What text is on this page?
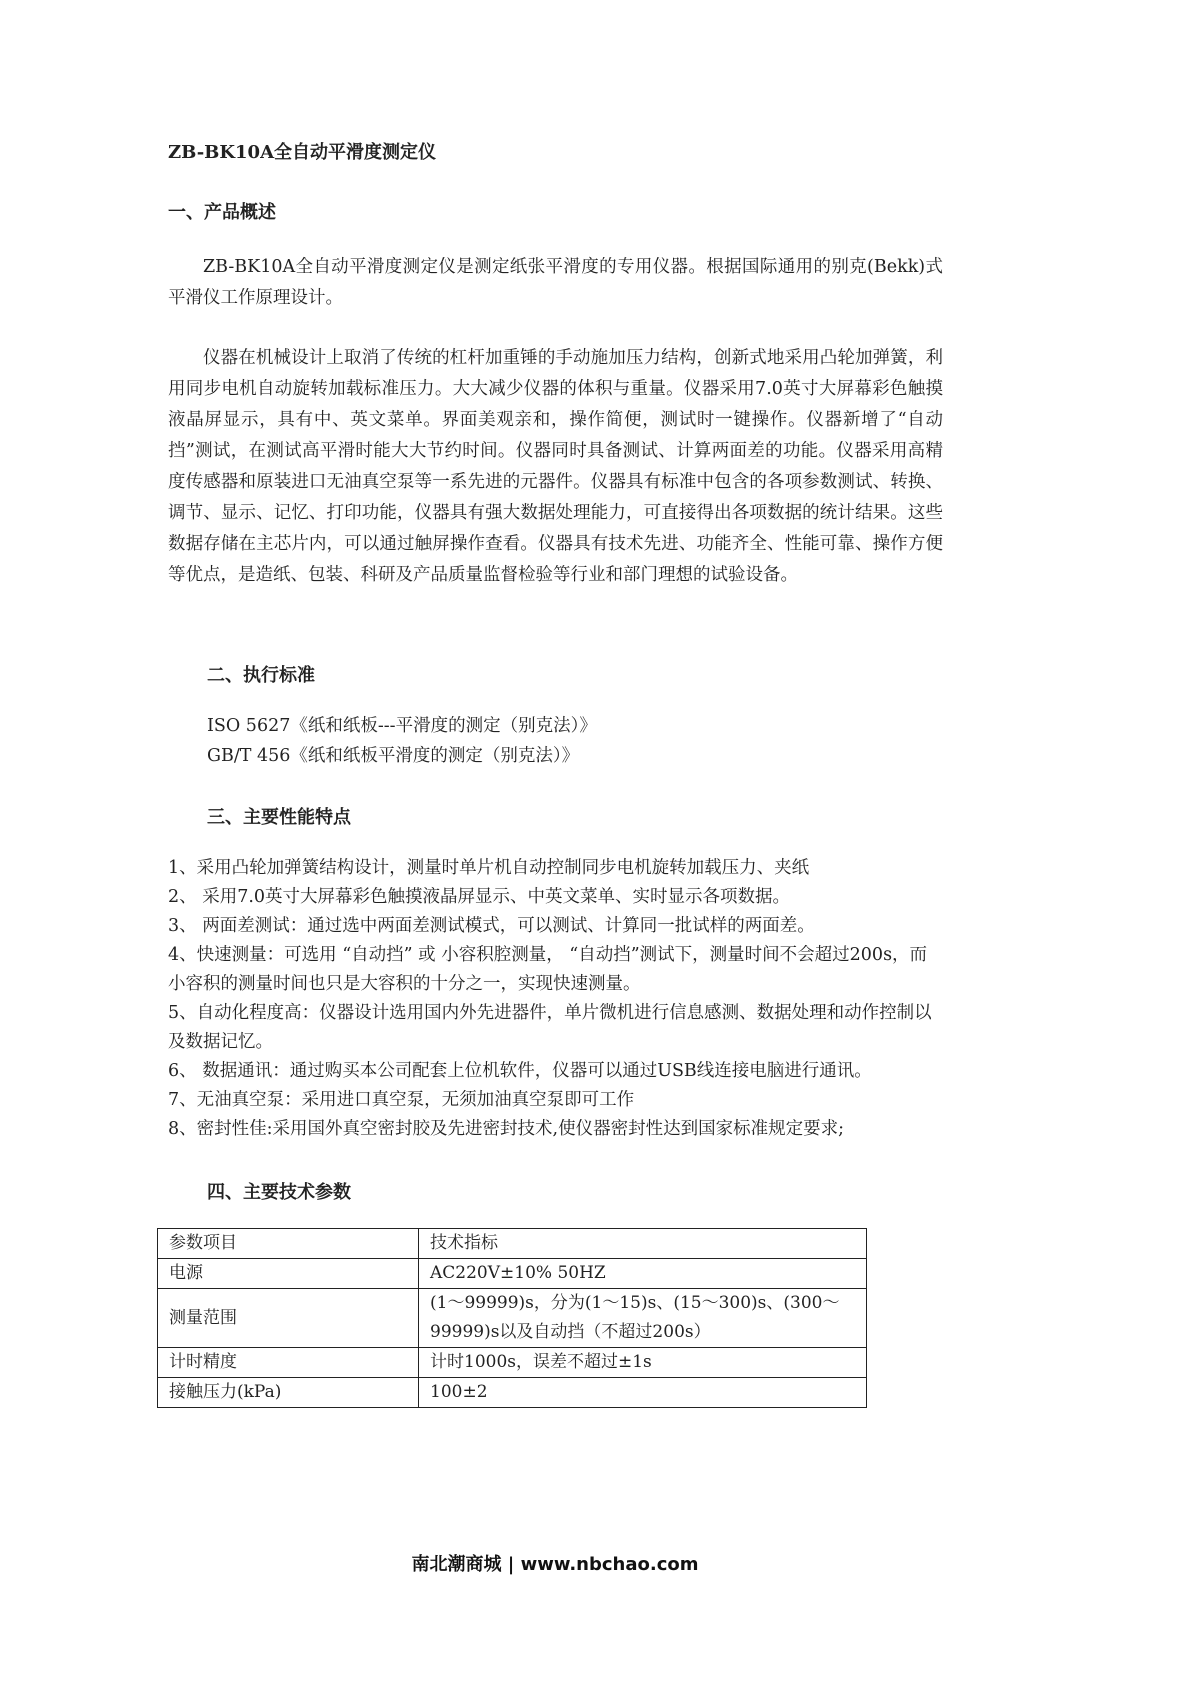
ZB-BK10A全自动平滑度测定仪
一、产品概述
ZB-BK10A全自动平滑度测定仪是测定纸张平滑度的专用仪器。根据国际通用的别克(Bekk)式平滑仪工作原理设计。
仪器在机械设计上取消了传统的杠杆加重锤的手动施加压力结构，创新式地采用凸轮加弹簧，利用同步电机自动旋转加载标准压力。大大减少仪器的体积与重量。仪器采用7.0英寸大屏幕彩色触摸液晶屏显示，具有中、英文菜单。界面美观亲和，操作简便，测试时一键操作。仪器新增了“自动挡”测试，在测试高平滑时能大大节约时间。仪器同时具备测试、计算两面差的功能。仪器采用高精度传感器和原装进口无油真空泵等一系先进的元器件。仪器具有标准中包含的各项参数测试、转换、调节、显示、记忆、打印功能，仪器具有强大数据处理能力，可直接得出各项数据的统计结果。这些数据存储在主芯片内，可以通过触屏操作查看。仪器具有技术先进、功能齐全、性能可靠、操作方便等优点，是造纸、包装、科研及产品质量监督检验等行业和部门理想的试验设备。
二、执行标准
ISO 5627《纸和纸板---平滑度的测定（别克法）》
GB/T 456《纸和纸板平滑度的测定（别克法）》
三、主要性能特点
1、采用凸轮加弹簧结构设计，测量时单片机自动控制同步电机旋转加载压力、夹纸
2、 采用7.0英寸大屏幕彩色触摸液晶屏显示、中英文菜单、实时显示各项数据。
3、 两面差测试：通过选中两面差测试模式，可以测试、计算同一批试样的两面差。
4、快速测量：可选用 “自动挡” 或 小容积腔测量， “自动挡”测试下，测量时间不会超过200s，而小容积的测量时间也只是大容积的十分之一，实现快速测量。
5、自动化程度高：仪器设计选用国内外先进器件，单片微机进行信息感测、数据处理和动作控制以及数据记忆。
6、 数据通讯：通过购买本公司配套上位机软件，仪器可以通过USB线连接电脑进行通讯。
7、无油真空泵：采用进口真空泵，无须加油真空泵即可工作
8、密封性佳:采用国外真空密封胶及先进密封技术,使仪器密封性达到国家标准规定要求;
四、主要技术参数
参数项目	技术指标
电源	AC220V±10% 50HZ
测量范围	(1～99999)s，分为(1～15)s、(15～300)s、(300～99999)s以及自动挡（不超过200s）
计时精度	计时1000s，误差不超过±1s
接触压力(kPa)	100±2
南北潮商城 | www.nbchao.com
